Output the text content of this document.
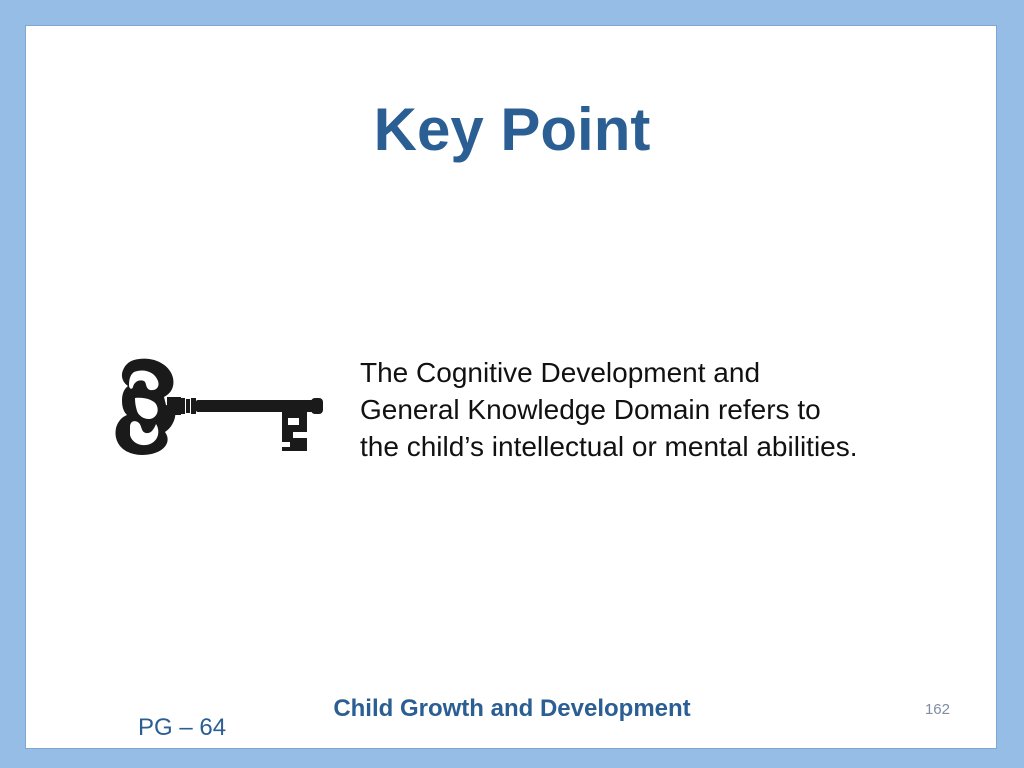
Key Point

The Cognitive Development and General Knowledge Domain refers to the child’s intellectual or mental abilities.

Child Growth and Development	162
PG – 64
